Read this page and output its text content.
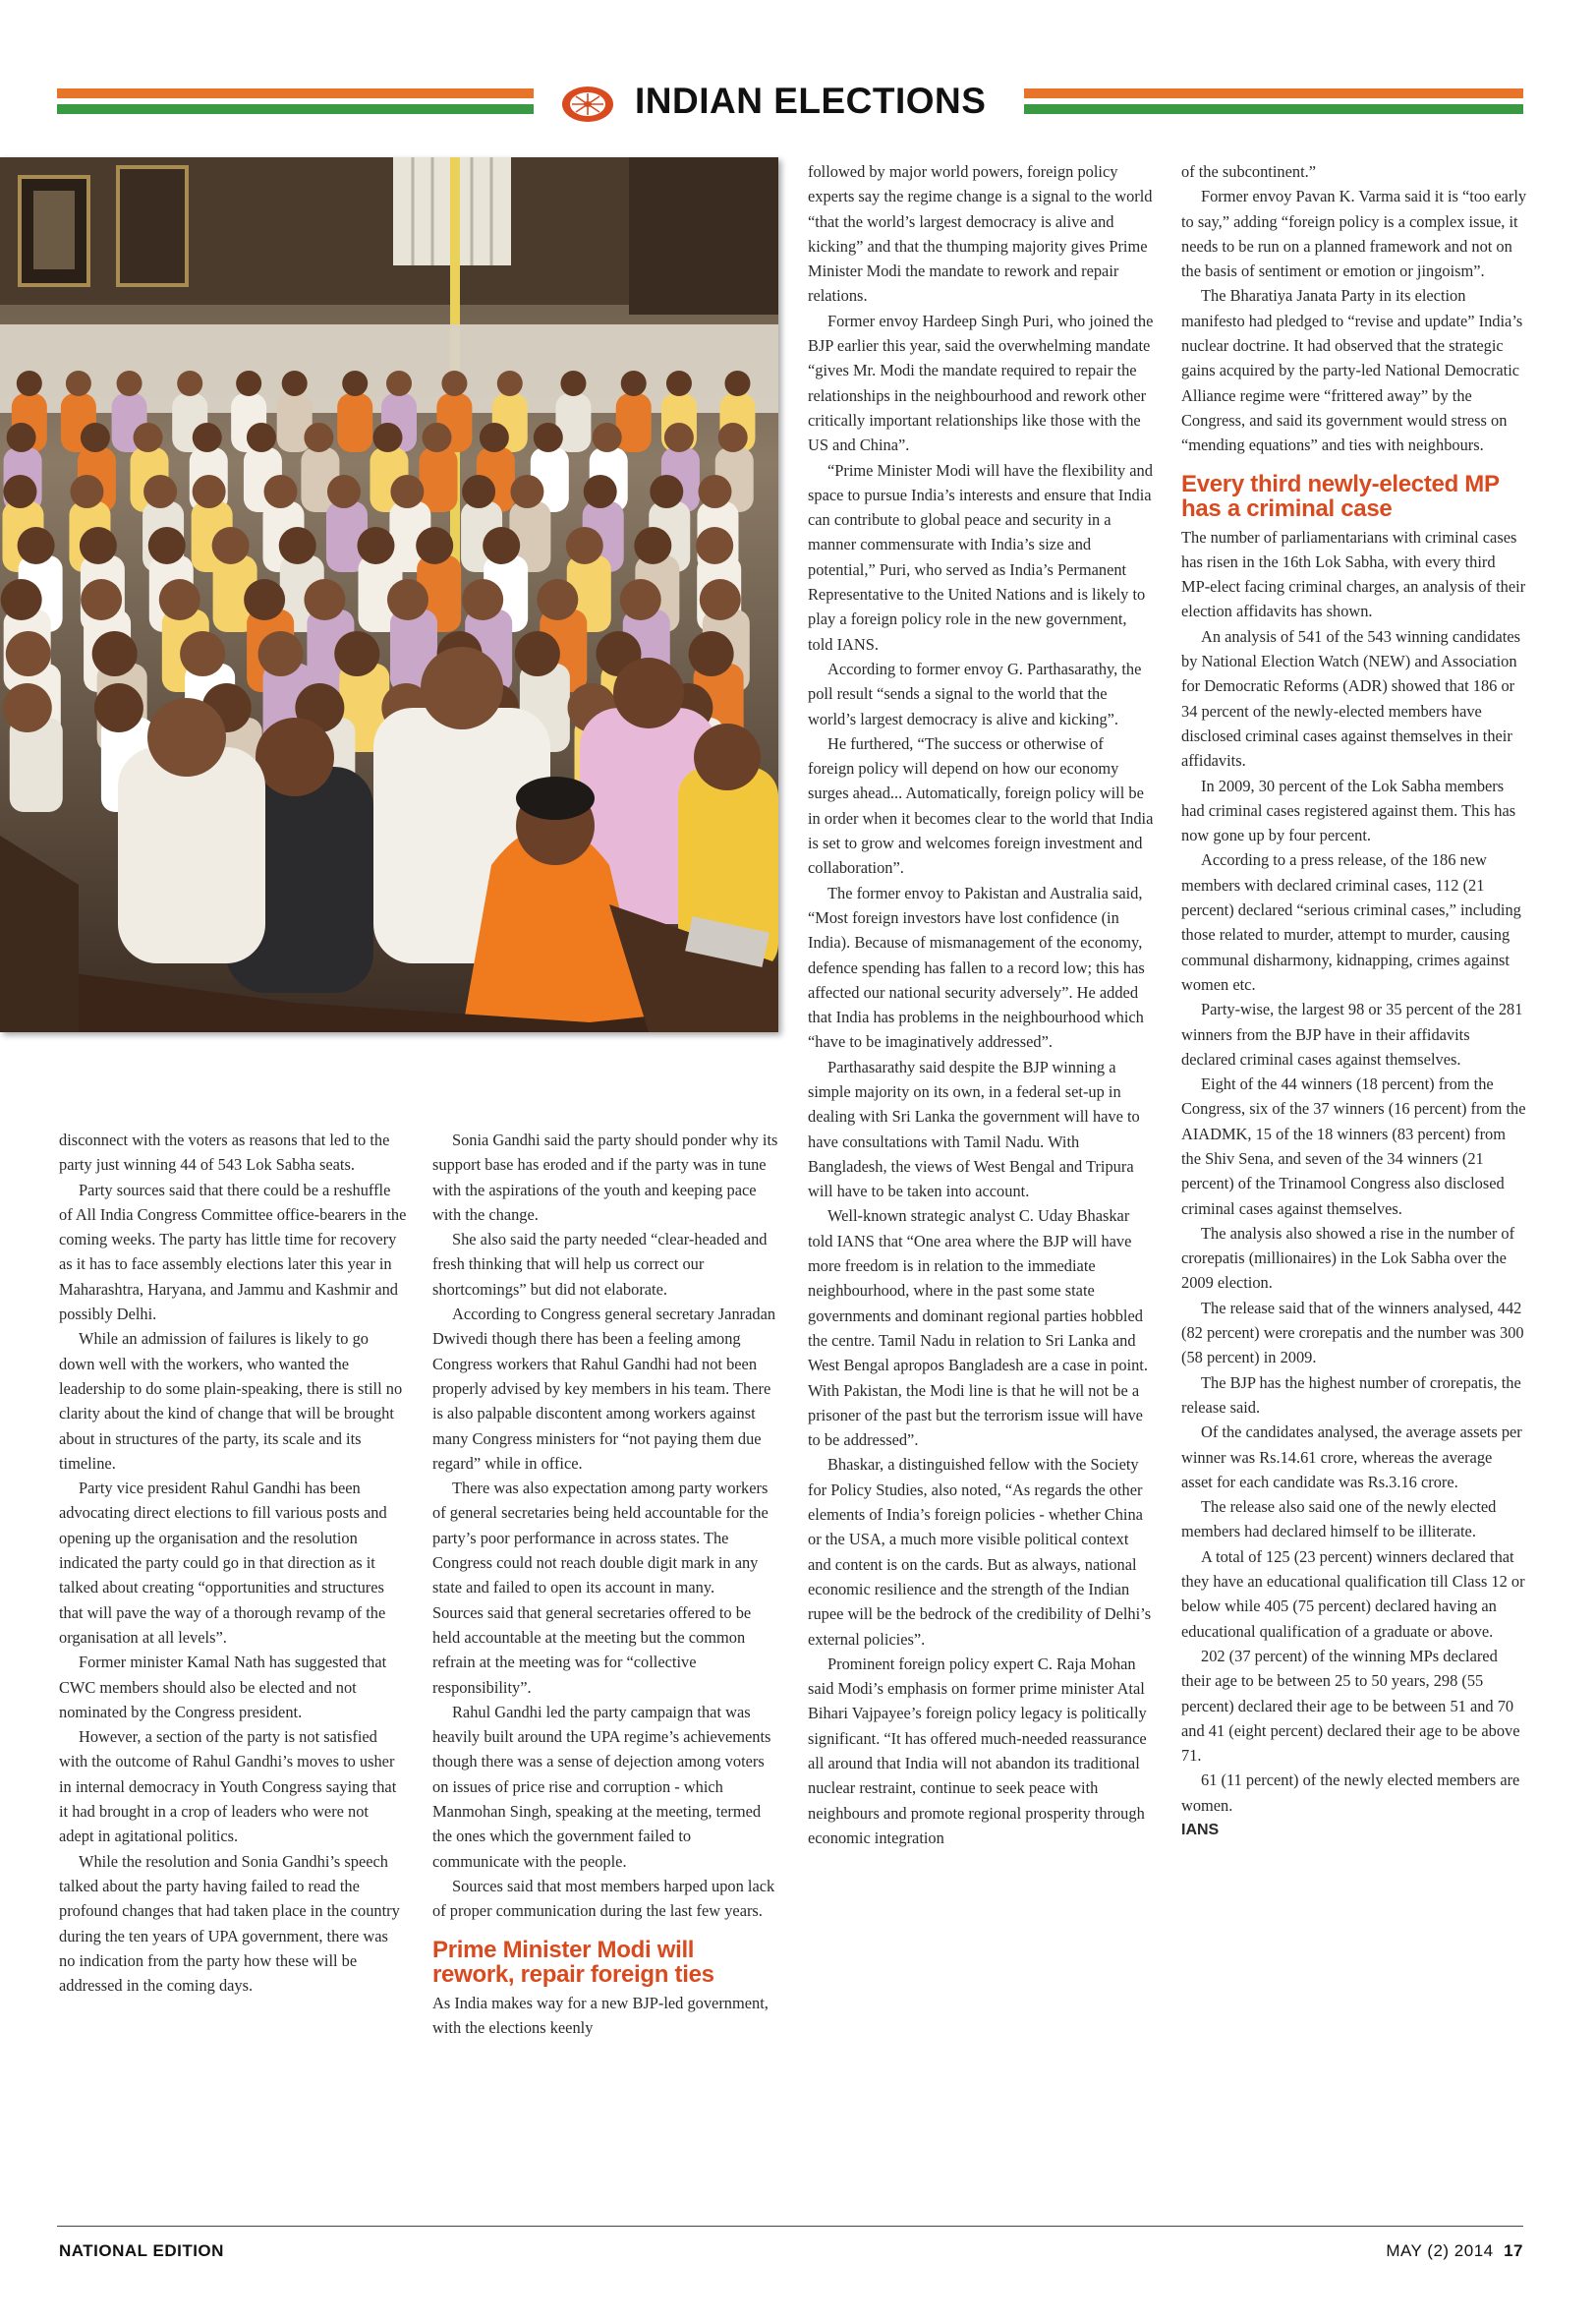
INDIAN ELECTIONS

disconnect with the voters as reasons that led to the party just winning 44 of 543 Lok Sabha seats.

Party sources said that there could be a reshuffle of All India Congress Committee office-bearers in the coming weeks. The party has little time for recovery as it has to face assembly elections later this year in Maharashtra, Haryana, and Jammu and Kashmir and possibly Delhi.

While an admission of failures is likely to go down well with the workers, who wanted the leadership to do some plain-speaking, there is still no clarity about the kind of change that will be brought about in structures of the party, its scale and its timeline.

Party vice president Rahul Gandhi has been advocating direct elections to fill various posts and opening up the organisation and the resolution indicated the party could go in that direction as it talked about creating “opportunities and structures that will pave the way of a thorough revamp of the organisation at all levels”.

Former minister Kamal Nath has suggested that CWC members should also be elected and not nominated by the Congress president.

However, a section of the party is not satisfied with the outcome of Rahul Gandhi’s moves to usher in internal democracy in Youth Congress saying that it had brought in a crop of leaders who were not adept in agitational politics.

While the resolution and Sonia Gandhi’s speech talked about the party having failed to read the profound changes that had taken place in the country during the ten years of UPA government, there was no indication from the party how these will be addressed in the coming days.

Sonia Gandhi said the party should ponder why its support base has eroded and if the party was in tune with the aspirations of the youth and keeping pace with the change.

She also said the party needed “clear-headed and fresh thinking that will help us correct our shortcomings” but did not elaborate.

According to Congress general secretary Janradan Dwivedi though there has been a feeling among Congress workers that Rahul Gandhi had not been properly advised by key members in his team. There is also palpable discontent among workers against many Congress ministers for “not paying them due regard” while in office.

There was also expectation among party workers of general secretaries being held accountable for the party’s poor performance in across states. The Congress could not reach double digit mark in any state and failed to open its account in many.

Sources said that general secretaries offered to be held accountable at the meeting but the common refrain at the meeting was for “collective responsibility”.

Rahul Gandhi led the party campaign that was heavily built around the UPA regime’s achievements though there was a sense of dejection among voters on issues of price rise and corruption - which Manmohan Singh, speaking at the meeting, termed the ones which the government failed to communicate with the people.

Sources said that most members harped upon lack of proper communication during the last few years.

Prime Minister Modi will rework, repair foreign ties

As India makes way for a new BJP-led government, with the elections keenly

followed by major world powers, foreign policy experts say the regime change is a signal to the world “that the world’s largest democracy is alive and kicking” and that the thumping majority gives Prime Minister Modi the mandate to rework and repair relations.

Former envoy Hardeep Singh Puri, who joined the BJP earlier this year, said the overwhelming mandate “gives Mr. Modi the mandate required to repair the relationships in the neighbourhood and rework other critically important relationships like those with the US and China”.

“Prime Minister Modi will have the flexibility and space to pursue India’s interests and ensure that India can contribute to global peace and security in a manner commensurate with India’s size and potential,” Puri, who served as India’s Permanent Representative to the United Nations and is likely to play a foreign policy role in the new government, told IANS.

According to former envoy G. Parthasarathy, the poll result “sends a signal to the world that the world’s largest democracy is alive and kicking”.

He furthered, “The success or otherwise of foreign policy will depend on how our economy surges ahead... Automatically, foreign policy will be in order when it becomes clear to the world that India is set to grow and welcomes foreign investment and collaboration”.

The former envoy to Pakistan and Australia said, “Most foreign investors have lost confidence (in India). Because of mismanagement of the economy, defence spending has fallen to a record low; this has affected our national security adversely”. He added that India has problems in the neighbourhood which “have to be imaginatively addressed”.

Parthasarathy said despite the BJP winning a simple majority on its own, in a federal set-up in dealing with Sri Lanka the government will have to have consultations with Tamil Nadu. With Bangladesh, the views of West Bengal and Tripura will have to be taken into account.

Well-known strategic analyst C. Uday Bhaskar told IANS that “One area where the BJP will have more freedom is in relation to the immediate neighbourhood, where in the past some state governments and dominant regional parties hobbled the centre. Tamil Nadu in relation to Sri Lanka and West Bengal apropos Bangladesh are a case in point. With Pakistan, the Modi line is that he will not be a prisoner of the past but the terrorism issue will have to be addressed”.

Bhaskar, a distinguished fellow with the Society for Policy Studies, also noted, “As regards the other elements of India’s foreign policies - whether China or the USA, a much more visible political context and content is on the cards. But as always, national economic resilience and the strength of the Indian rupee will be the bedrock of the credibility of Delhi’s external policies”.

Prominent foreign policy expert C. Raja Mohan said Modi’s emphasis on former prime minister Atal Bihari Vajpayee’s foreign policy legacy is politically significant. “It has offered much-needed reassurance all around that India will not abandon its traditional nuclear restraint, continue to seek peace with neighbours and promote regional prosperity through economic integration

of the subcontinent.”

Former envoy Pavan K. Varma said it is “too early to say,” adding “foreign policy is a complex issue, it needs to be run on a planned framework and not on the basis of sentiment or emotion or jingoism”.

The Bharatiya Janata Party in its election manifesto had pledged to “revise and update” India’s nuclear doctrine. It had observed that the strategic gains acquired by the party-led National Democratic Alliance regime were “frittered away” by the Congress, and said its government would stress on “mending equations” and ties with neighbours.

Every third newly-elected MP has a criminal case

The number of parliamentarians with criminal cases has risen in the 16th Lok Sabha, with every third MP-elect facing criminal charges, an analysis of their election affidavits has shown.

An analysis of 541 of the 543 winning candidates by National Election Watch (NEW) and Association for Democratic Reforms (ADR) showed that 186 or 34 percent of the newly-elected members have disclosed criminal cases against themselves in their affidavits.

In 2009, 30 percent of the Lok Sabha members had criminal cases registered against them. This has now gone up by four percent.

According to a press release, of the 186 new members with declared criminal cases, 112 (21 percent) declared “serious criminal cases,” including those related to murder, attempt to murder, causing communal disharmony, kidnapping, crimes against women etc.

Party-wise, the largest 98 or 35 percent of the 281 winners from the BJP have in their affidavits declared criminal cases against themselves.

Eight of the 44 winners (18 percent) from the Congress, six of the 37 winners (16 percent) from the AIADMK, 15 of the 18 winners (83 percent) from the Shiv Sena, and seven of the 34 winners (21 percent) of the Trinamool Congress also disclosed criminal cases against themselves.

The analysis also showed a rise in the number of crorepatis (millionaires) in the Lok Sabha over the 2009 election.

The release said that of the winners analysed, 442 (82 percent) were crorepatis and the number was 300 (58 percent) in 2009.

The BJP has the highest number of crorepatis, the release said.

Of the candidates analysed, the average assets per winner was Rs.14.61 crore, whereas the average asset for each candidate was Rs.3.16 crore.

The release also said one of the newly elected members had declared himself to be illiterate.

A total of 125 (23 percent) winners declared that they have an educational qualification till Class 12 or below while 405 (75 percent) declared having an educational qualification of a graduate or above.

202 (37 percent) of the winning MPs declared their age to be between 25 to 50 years, 298 (55 percent) declared their age to be between 51 and 70 and 41 (eight percent) declared their age to be above 71.

61 (11 percent) of the newly elected members are women.

IANS
NATIONAL EDITION	MAY (2) 2014 17
